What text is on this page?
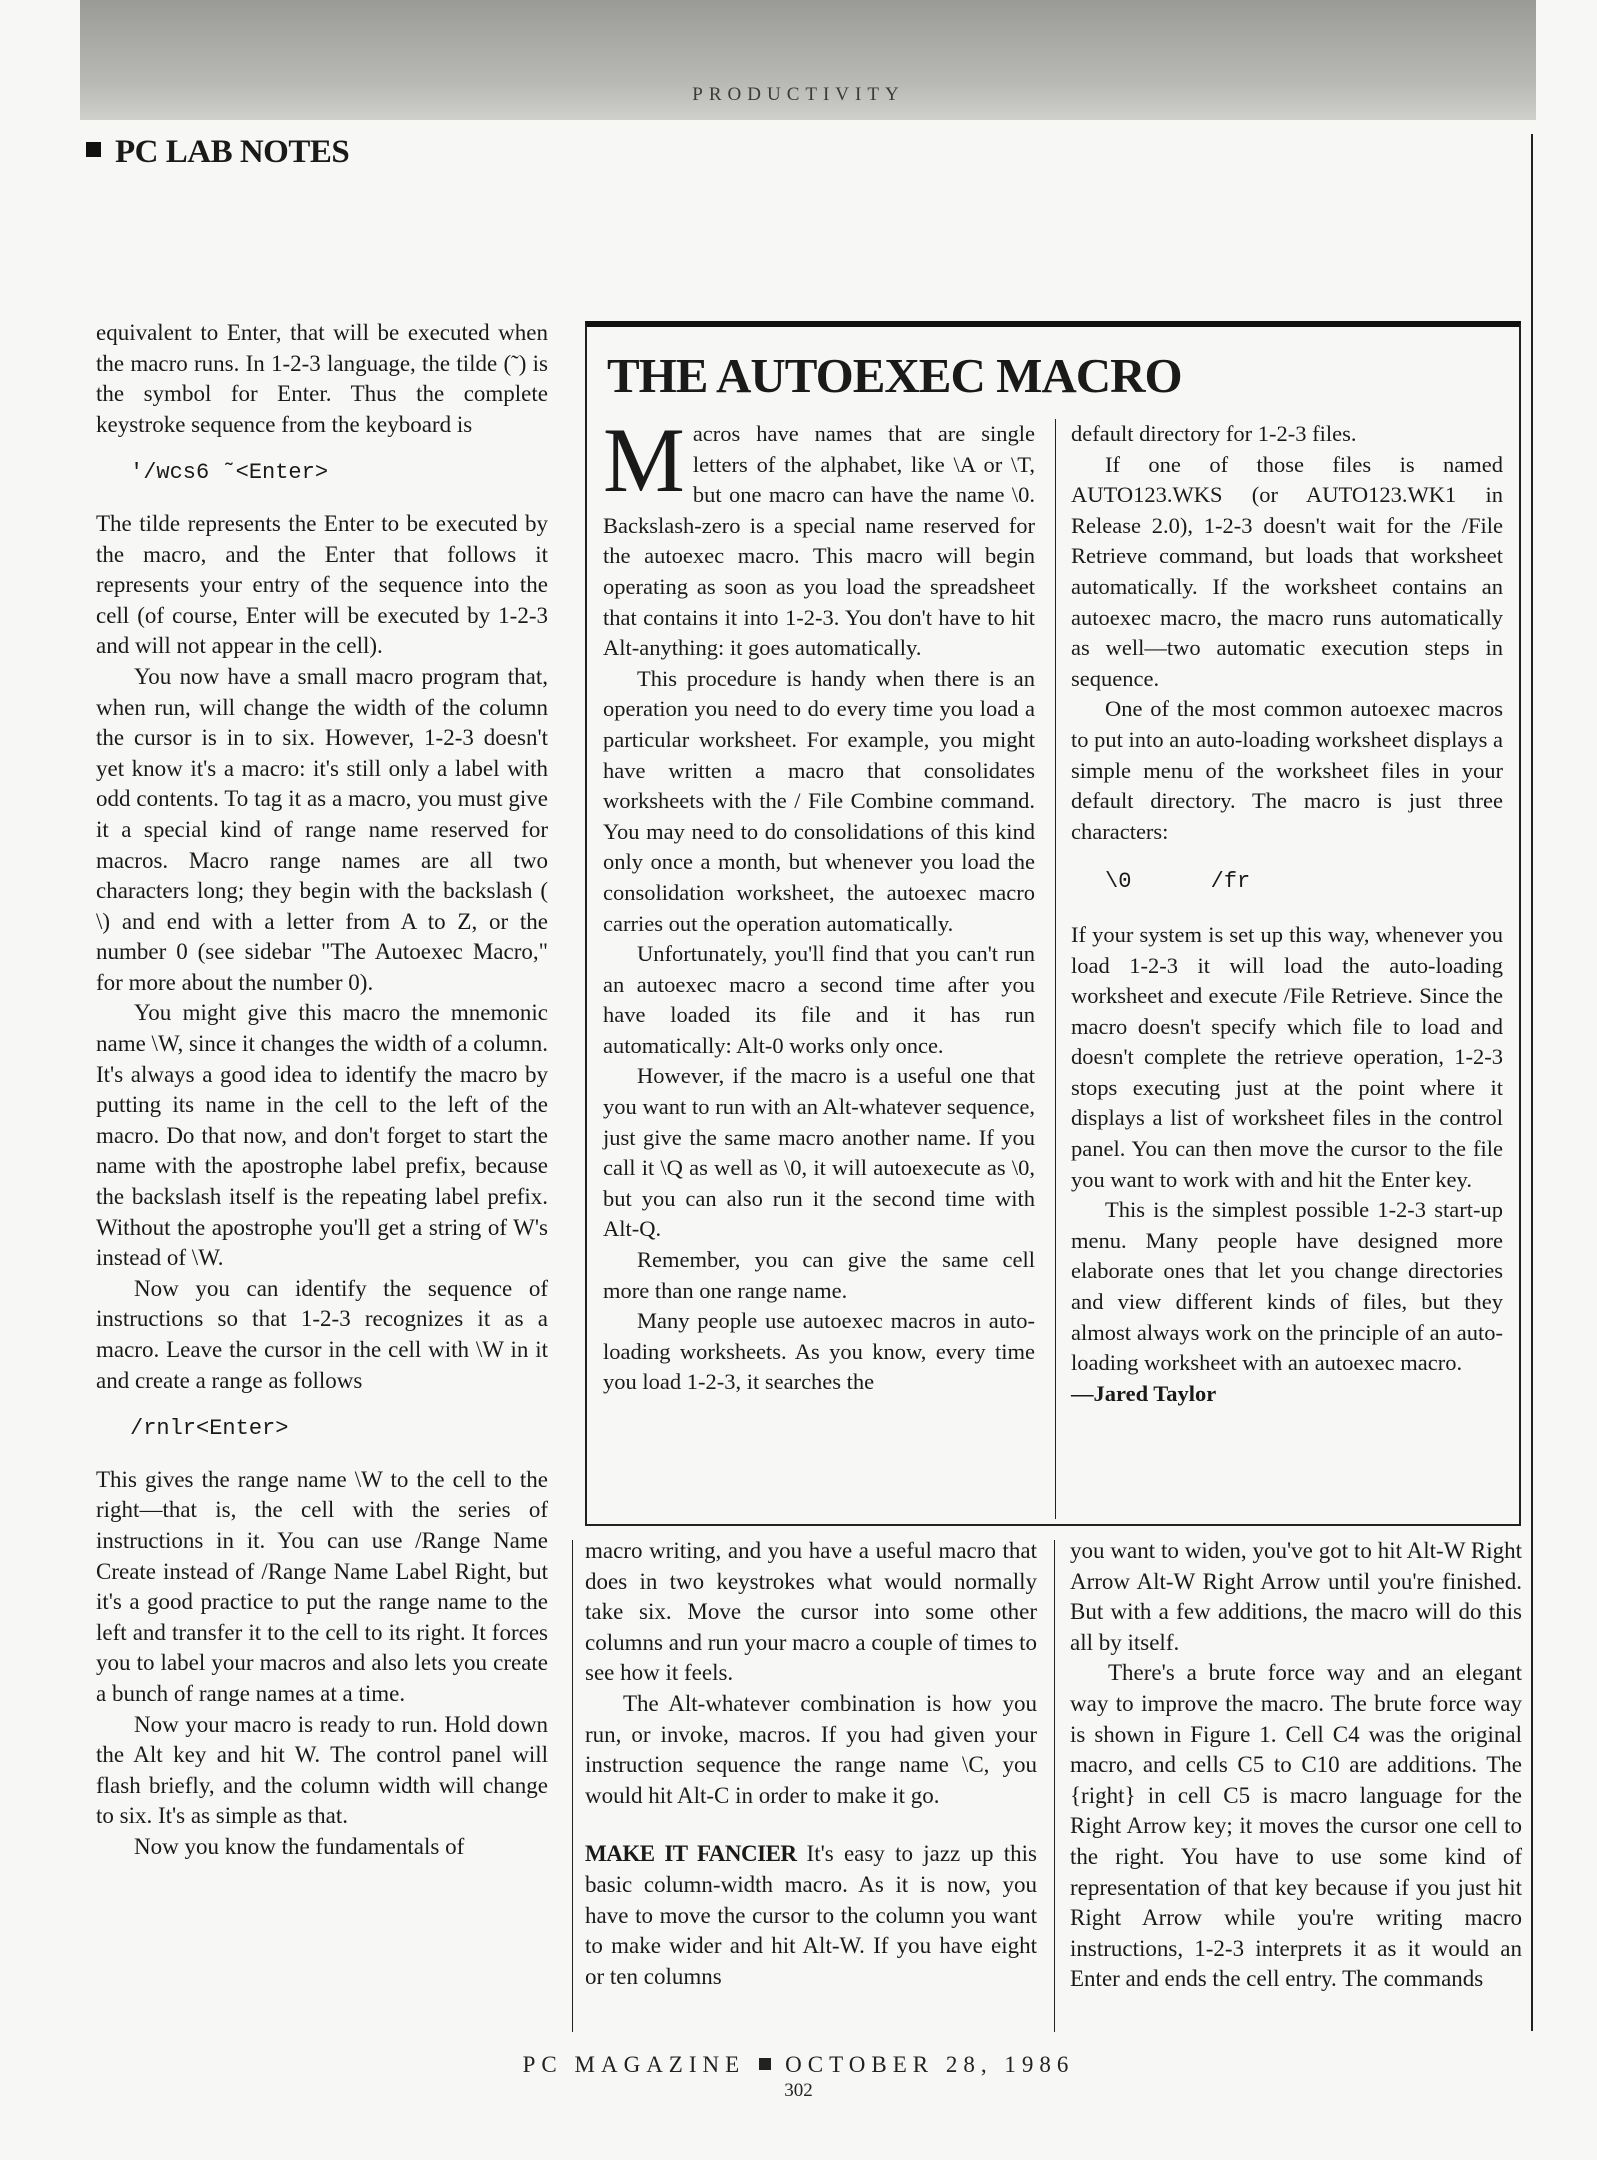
PRODUCTIVITY
PC LAB NOTES

equivalent to Enter, that will be executed when the macro runs. In 1-2-3 language, the tilde (˜) is the symbol for Enter. Thus the complete keystroke sequence from the keyboard is

'/wcs6 ˜<Enter>

The tilde represents the Enter to be executed by the macro, and the Enter that follows it represents your entry of the sequence into the cell (of course, Enter will be executed by 1-2-3 and will not appear in the cell).

You now have a small macro program that, when run, will change the width of the column the cursor is in to six. However, 1-2-3 doesn't yet know it's a macro: it's still only a label with odd contents. To tag it as a macro, you must give it a special kind of range name reserved for macros. Macro range names are all two characters long; they begin with the backslash ( \) and end with a letter from A to Z, or the number 0 (see sidebar "The Autoexec Macro," for more about the number 0).

You might give this macro the mnemonic name \W, since it changes the width of a column. It's always a good idea to identify the macro by putting its name in the cell to the left of the macro. Do that now, and don't forget to start the name with the apostrophe label prefix, because the backslash itself is the repeating label prefix. Without the apostrophe you'll get a string of W's instead of \W.

Now you can identify the sequence of instructions so that 1-2-3 recognizes it as a macro. Leave the cursor in the cell with \W in it and create a range as follows

/rnlr<Enter>

This gives the range name \W to the cell to the right—that is, the cell with the series of instructions in it. You can use /Range Name Create instead of /Range Name Label Right, but it's a good practice to put the range name to the left and transfer it to the cell to its right. It forces you to label your macros and also lets you create a bunch of range names at a time.

Now your macro is ready to run. Hold down the Alt key and hit W. The control panel will flash briefly, and the column width will change to six. It's as simple as that.

Now you know the fundamentals of

THE AUTOEXEC MACRO

Macros have names that are single letters of the alphabet, like \A or \T, but one macro can have the name \0. Backslash-zero is a special name reserved for the autoexec macro. This macro will begin operating as soon as you load the spreadsheet that contains it into 1-2-3. You don't have to hit Alt-anything: it goes automatically.

This procedure is handy when there is an operation you need to do every time you load a particular worksheet. For example, you might have written a macro that consolidates worksheets with the / File Combine command. You may need to do consolidations of this kind only once a month, but whenever you load the consolidation worksheet, the autoexec macro carries out the operation automatically.

Unfortunately, you'll find that you can't run an autoexec macro a second time after you have loaded its file and it has run automatically: Alt-0 works only once.

However, if the macro is a useful one that you want to run with an Alt-whatever sequence, just give the same macro another name. If you call it \Q as well as \0, it will autoexecute as \0, but you can also run it the second time with Alt-Q.

Remember, you can give the same cell more than one range name.

Many people use autoexec macros in auto-loading worksheets. As you know, every time you load 1-2-3, it searches the

default directory for 1-2-3 files.

If one of those files is named AUTO123.WKS (or AUTO123.WK1 in Release 2.0), 1-2-3 doesn't wait for the /File Retrieve command, but loads that worksheet automatically. If the worksheet contains an autoexec macro, the macro runs automatically as well—two automatic execution steps in sequence.

One of the most common autoexec macros to put into an auto-loading worksheet displays a simple menu of the worksheet files in your default directory. The macro is just three characters:

\0      /fr

If your system is set up this way, whenever you load 1-2-3 it will load the auto-loading worksheet and execute /File Retrieve. Since the macro doesn't specify which file to load and doesn't complete the retrieve operation, 1-2-3 stops executing just at the point where it displays a list of worksheet files in the control panel. You can then move the cursor to the file you want to work with and hit the Enter key.

This is the simplest possible 1-2-3 start-up menu. Many people have designed more elaborate ones that let you change directories and view different kinds of files, but they almost always work on the principle of an auto-loading worksheet with an autoexec macro.

—Jared Taylor

macro writing, and you have a useful macro that does in two keystrokes what would normally take six. Move the cursor into some other columns and run your macro a couple of times to see how it feels.

The Alt-whatever combination is how you run, or invoke, macros. If you had given your instruction sequence the range name \C, you would hit Alt-C in order to make it go.

MAKE IT FANCIER It's easy to jazz up this basic column-width macro. As it is now, you have to move the cursor to the column you want to make wider and hit Alt-W. If you have eight or ten columns

you want to widen, you've got to hit Alt-W Right Arrow Alt-W Right Arrow until you're finished. But with a few additions, the macro will do this all by itself.

There's a brute force way and an elegant way to improve the macro. The brute force way is shown in Figure 1. Cell C4 was the original macro, and cells C5 to C10 are additions. The {right} in cell C5 is macro language for the Right Arrow key; it moves the cursor one cell to the right. You have to use some kind of representation of that key because if you just hit Right Arrow while you're writing macro instructions, 1-2-3 interprets it as it would an Enter and ends the cell entry. The commands

PC MAGAZINE OCTOBER 28, 1986
302
